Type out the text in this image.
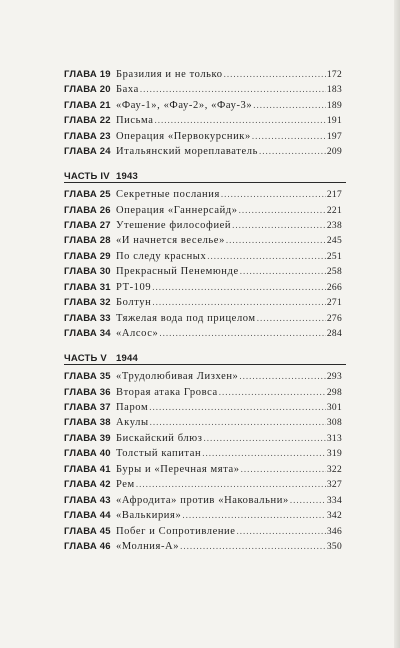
ГЛАВА 19 Бразилия и не только .....	172
ГЛАВА 20 Баха .....	183
ГЛАВА 21 «Фау-1», «Фау-2», «Фау-3» .....	189
ГЛАВА 22 Письма .....	191
ГЛАВА 23 Операция «Первокурсник» .....	197
ГЛАВА 24 Итальянский мореплаватель .....	209
ЧАСТЬ IV 1943
ГЛАВА 25 Секретные послания .....	217
ГЛАВА 26 Операция «Ганнерсайд» .....	221
ГЛАВА 27 Утешение философией .....	238
ГЛАВА 28 «И начнется веселье» .....	245
ГЛАВА 29 По следу красных .....	251
ГЛАВА 30 Прекрасный Пенемюнде .....	258
ГЛАВА 31 РТ-109 .....	266
ГЛАВА 32 Болтун .....	271
ГЛАВА 33 Тяжелая вода под прицелом .....	276
ГЛАВА 34 «Алсос» .....	284
ЧАСТЬ V 1944
ГЛАВА 35 «Трудолюбивая Лизхен» .....	293
ГЛАВА 36 Вторая атака Гровса .....	298
ГЛАВА 37 Паром .....	301
ГЛАВА 38 Акулы .....	308
ГЛАВА 39 Бискайский блюз .....	313
ГЛАВА 40 Толстый капитан .....	319
ГЛАВА 41 Буры и «Перечная мята» .....	322
ГЛАВА 42 Рем .....	327
ГЛАВА 43 «Афродита» против «Наковальни» .....	334
ГЛАВА 44 «Валькирия» .....	342
ГЛАВА 45 Побег и Сопротивление .....	346
ГЛАВА 46 «Молния-А» .....	350
